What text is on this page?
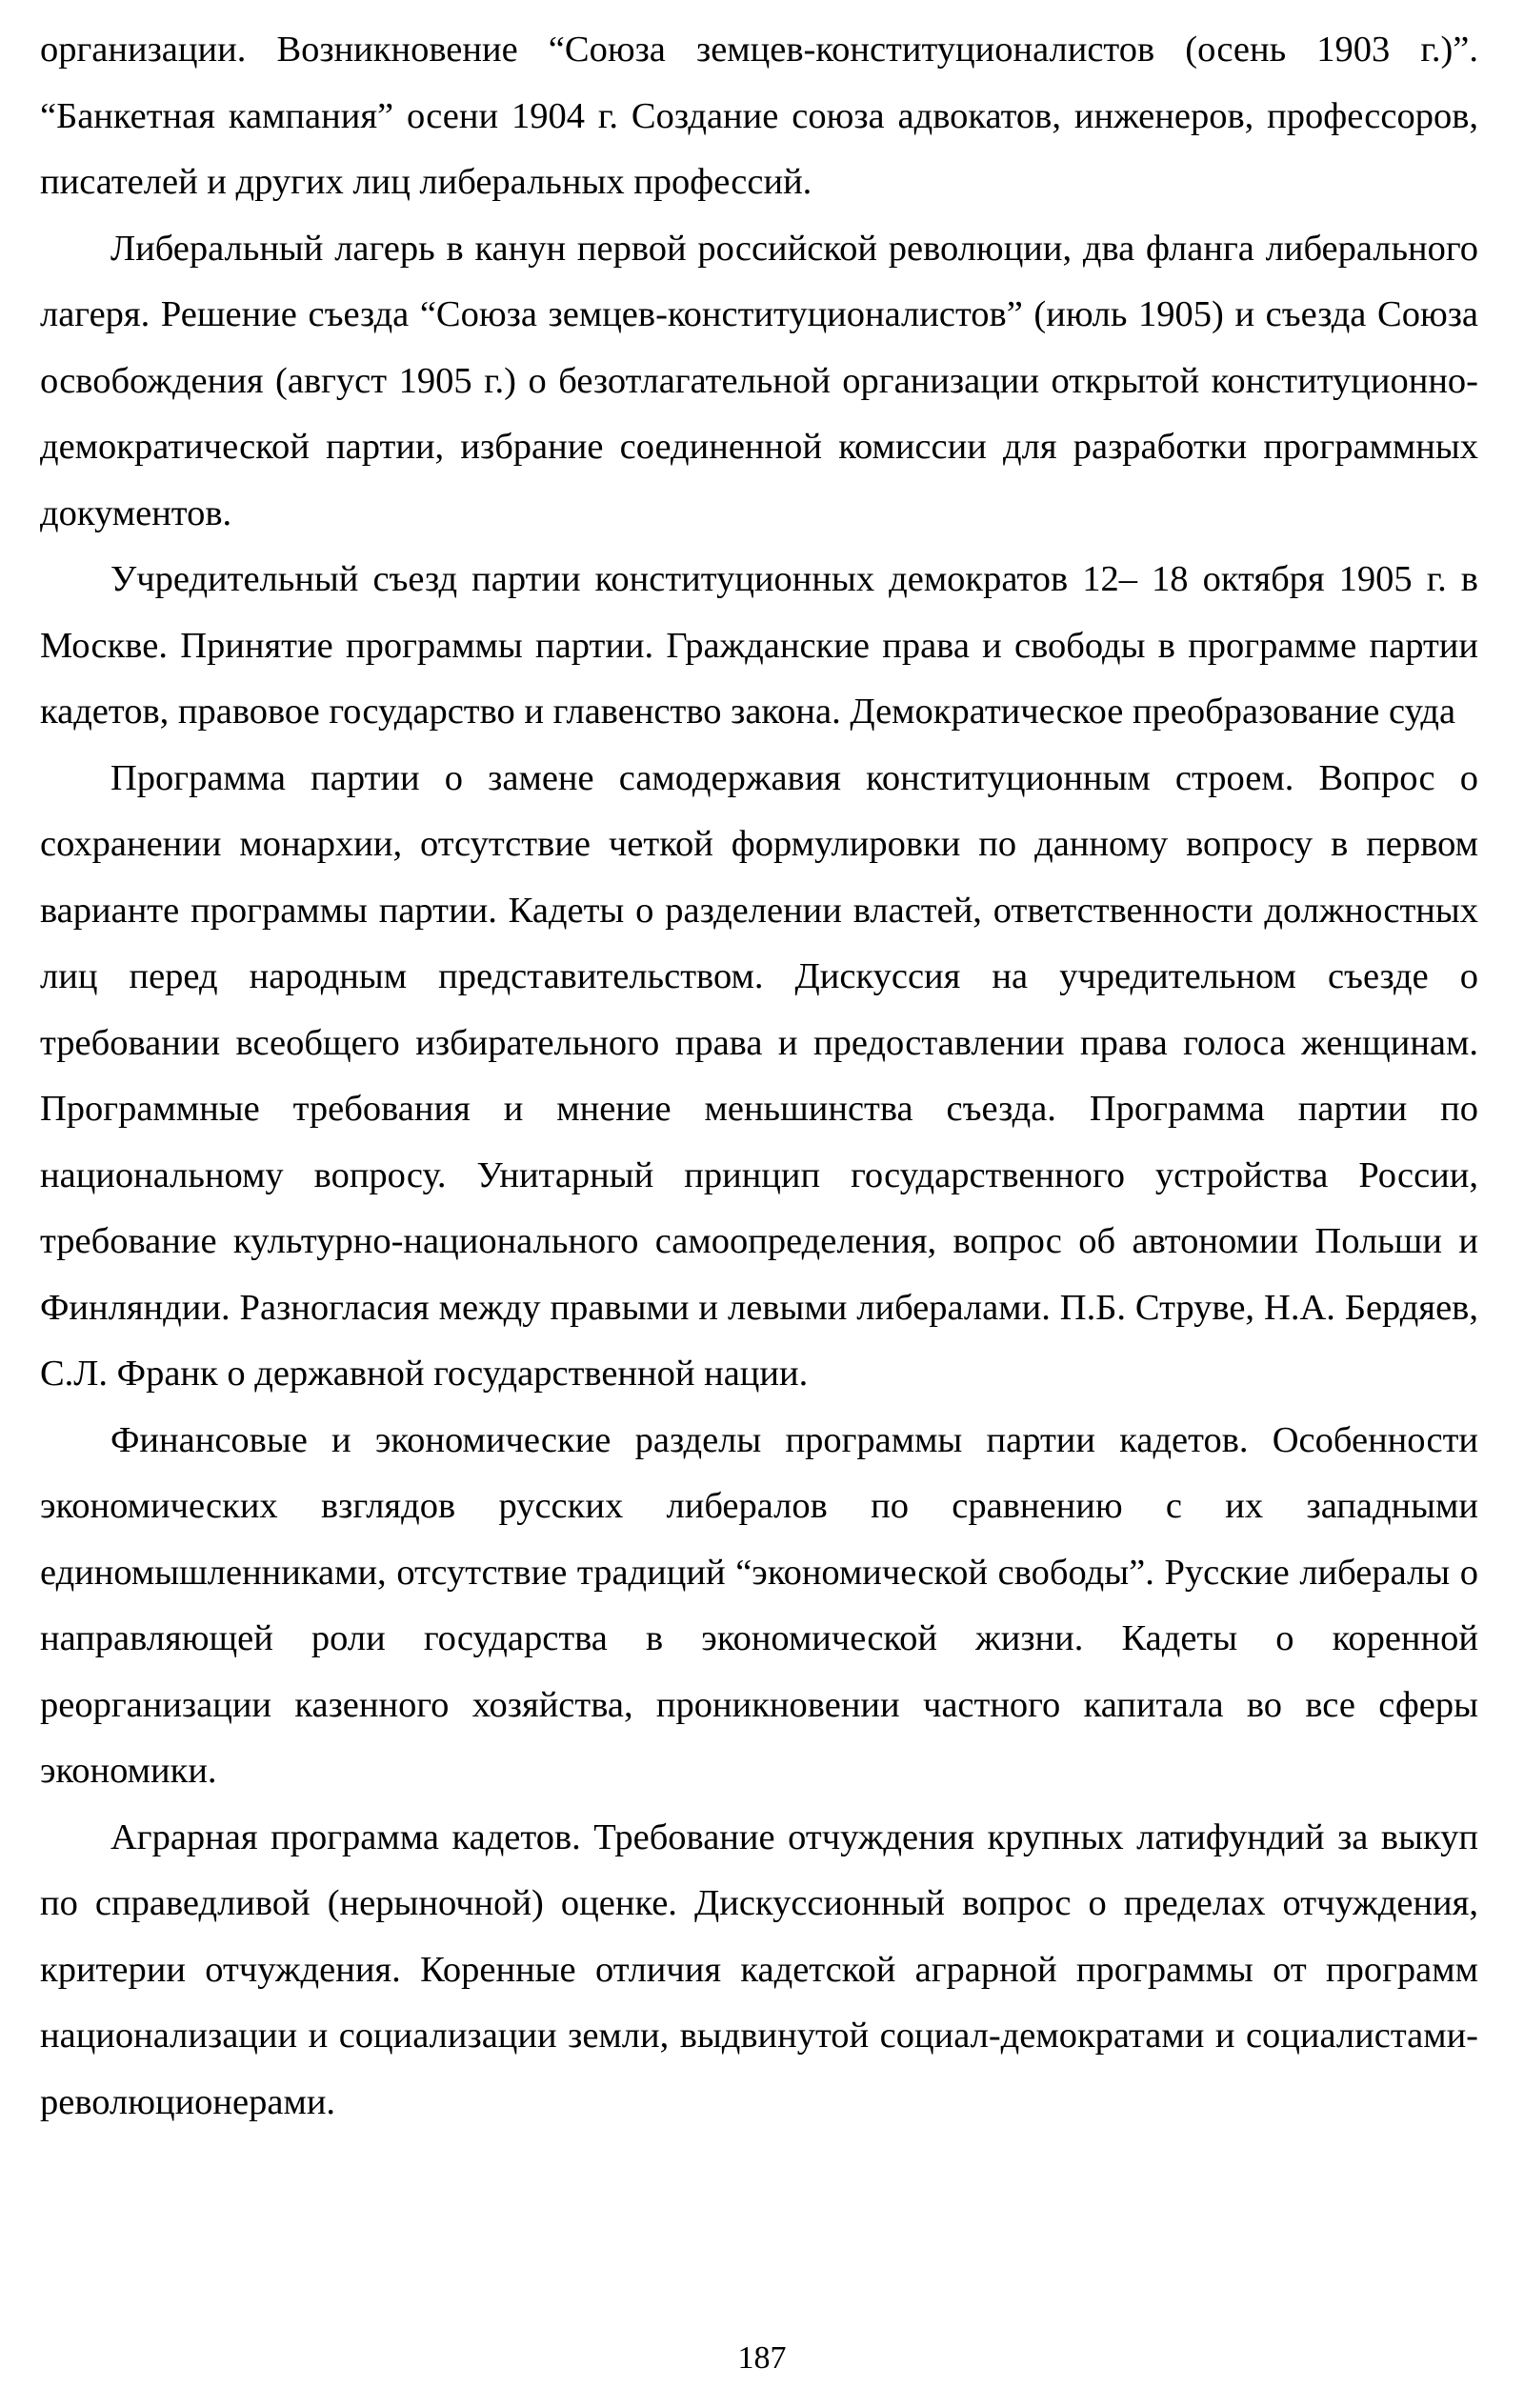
организации. Возникновение “Союза земцев-конституционалистов (осень 1903 г.)”. “Банкетная кампания” осени 1904 г. Создание союза адвокатов, инженеров, профессоров, писателей и других лиц либеральных профессий.

Либеральный лагерь в канун первой российской революции, два фланга либерального лагеря. Решение съезда “Союза земцев-конституционалистов” (июль 1905) и съезда Союза освобождения (август 1905 г.) о безотлагательной организации открытой конституционно-демократической партии, избрание соединенной комиссии для разработки программных документов.

Учредительный съезд партии конституционных демократов 12– 18 октября 1905 г. в Москве. Принятие программы партии. Гражданские права и свободы в программе партии кадетов, правовое государство и главенство закона. Демократическое преобразование суда

Программа партии о замене самодержавия конституционным строем. Вопрос о сохранении монархии, отсутствие четкой формулировки по данному вопросу в первом варианте программы партии. Кадеты о разделении властей, ответственности должностных лиц перед народным представительством. Дискуссия на учредительном съезде о требовании всеобщего избирательного права и предоставлении права голоса женщинам. Программные требования и мнение меньшинства съезда. Программа партии по национальному вопросу. Унитарный принцип государственного устройства России, требование культурно-национального самоопределения, вопрос об автономии Польши и Финляндии. Разногласия между правыми и левыми либералами. П.Б. Струве, Н.А. Бердяев, С.Л. Франк о державной государственной нации.

Финансовые и экономические разделы программы партии кадетов. Особенности экономических взглядов русских либералов по сравнению с их западными единомышленниками, отсутствие традиций “экономической свободы”. Русские либералы о направляющей роли государства в экономической жизни. Кадеты о коренной реорганизации казенного хозяйства, проникновении частного капитала во все сферы экономики.

Аграрная программа кадетов. Требование отчуждения крупных латифундий за выкуп по справедливой (нерыночной) оценке. Дискуссионный вопрос о пределах отчуждения, критерии отчуждения. Коренные отличия кадетской аграрной программы от программ национализации и социализации земли, выдвинутой социал-демократами и социалистами-революционерами.

187
